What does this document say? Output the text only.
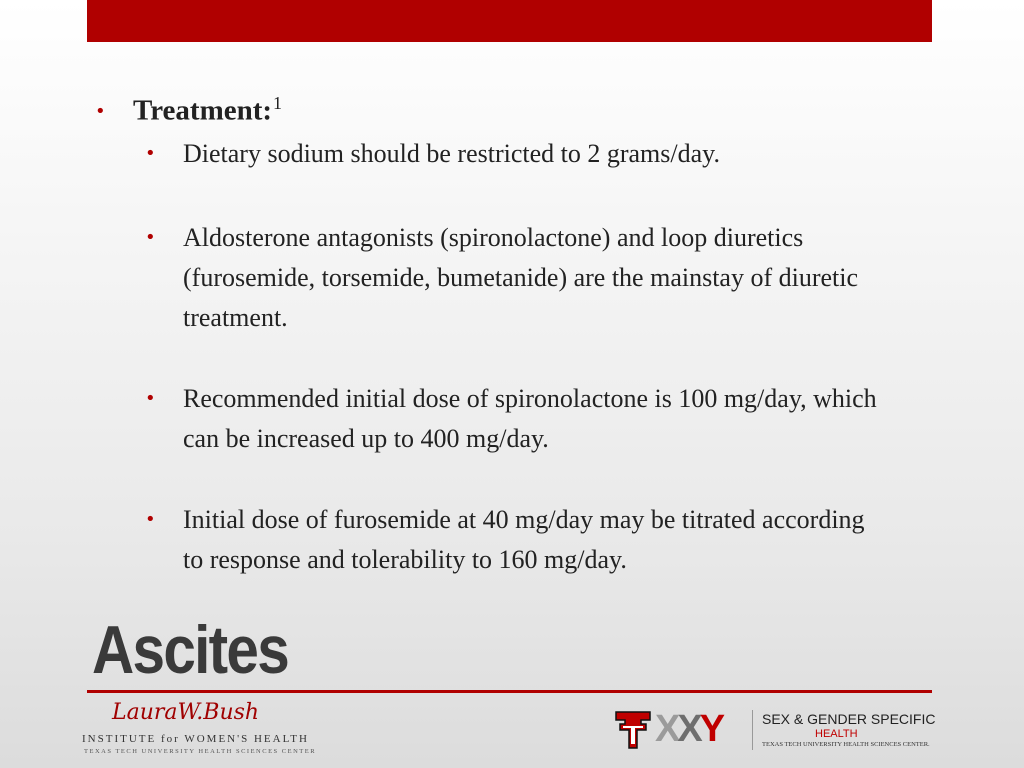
• Treatment:$^1$
•	Dietary sodium should be restricted to 2 grams/day.
•	Aldosterone antagonists (spironolactone) and loop diuretics (furosemide, torsemide, bumetanide) are the mainstay of diuretic treatment.
•	Recommended initial dose of spironolactone is 100 mg/day, which can be increased up to 400 mg/day.
•	Initial dose of furosemide at 40 mg/day may be titrated according to response and tolerability to 160 mg/day.
Ascites
LauraW.Bush
INSTITUTE for WOMEN'S HEALTH
TEXAS TECH UNIVERSITY HEALTH SCIENCES CENTER
XXY	SEX & GENDER SPECIFIC
HEALTH
TEXAS TECH UNIVERSITY HEALTH SCIENCES CENTER.
